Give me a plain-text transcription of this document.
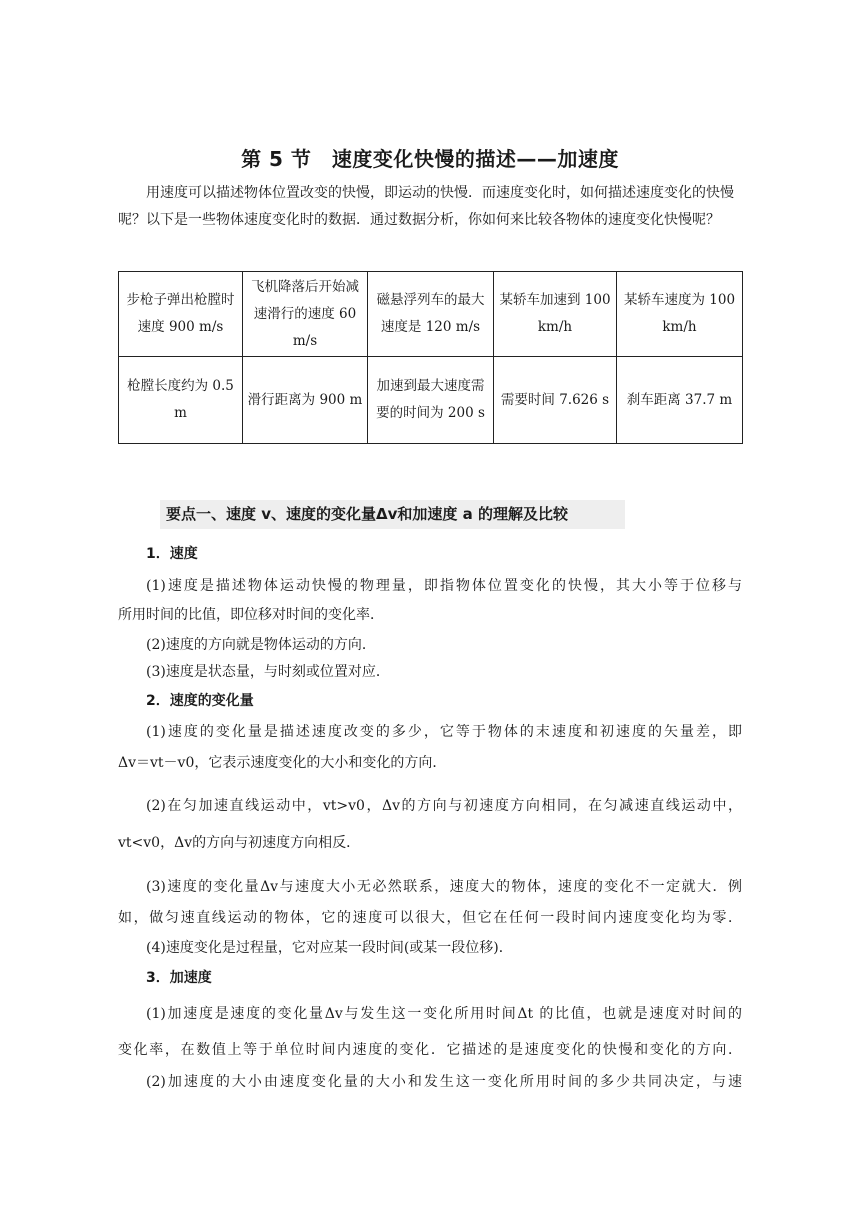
第 5 节　速度变化快慢的描述——加速度

用速度可以描述物体位置改变的快慢，即运动的快慢．而速度变化时，如何描述速度变化的快慢呢？以下是一些物体速度变化时的数据．通过数据分析，你如何来比较各物体的速度变化快慢呢？

步枪子弹出枪膛时速度 900 m/s	飞机降落后开始减速滑行的速度 60 m/s	磁悬浮列车的最大速度是 120 m/s	某轿车加速到 100 km/h	某轿车速度为 100 km/h
枪膛长度约为 0.5 m	滑行距离为 900 m	加速到最大速度需要的时间为 200 s	需要时间 7.626 s	刹车距离 37.7 m
要点一、速度 v、速度的变化量Δv和加速度 a 的理解及比较

1．速度

(1)速度是描述物体运动快慢的物理量，即指物体位置变化的快慢，其大小等于位移与

所用时间的比值，即位移对时间的变化率．

(2)速度的方向就是物体运动的方向．

(3)速度是状态量，与时刻或位置对应．

2．速度的变化量

(1)速度的变化量是描述速度改变的多少，它等于物体的末速度和初速度的矢量差，即

Δv＝vt－v0，它表示速度变化的大小和变化的方向．

(2)在匀加速直线运动中，vt>v0，Δv的方向与初速度方向相同，在匀减速直线运动中，

vt<v0，Δv的方向与初速度方向相反．

(3)速度的变化量Δv与速度大小无必然联系，速度大的物体，速度的变化不一定就大．例

如，做匀速直线运动的物体，它的速度可以很大，但它在任何一段时间内速度变化均为零．

(4)速度变化是过程量，它对应某一段时间(或某一段位移)．

3．加速度

(1)加速度是速度的变化量Δv与发生这一变化所用时间Δt 的比值，也就是速度对时间的

变化率，在数值上等于单位时间内速度的变化．它描述的是速度变化的快慢和变化的方向．

(2)加速度的大小由速度变化量的大小和发生这一变化所用时间的多少共同决定，与速
